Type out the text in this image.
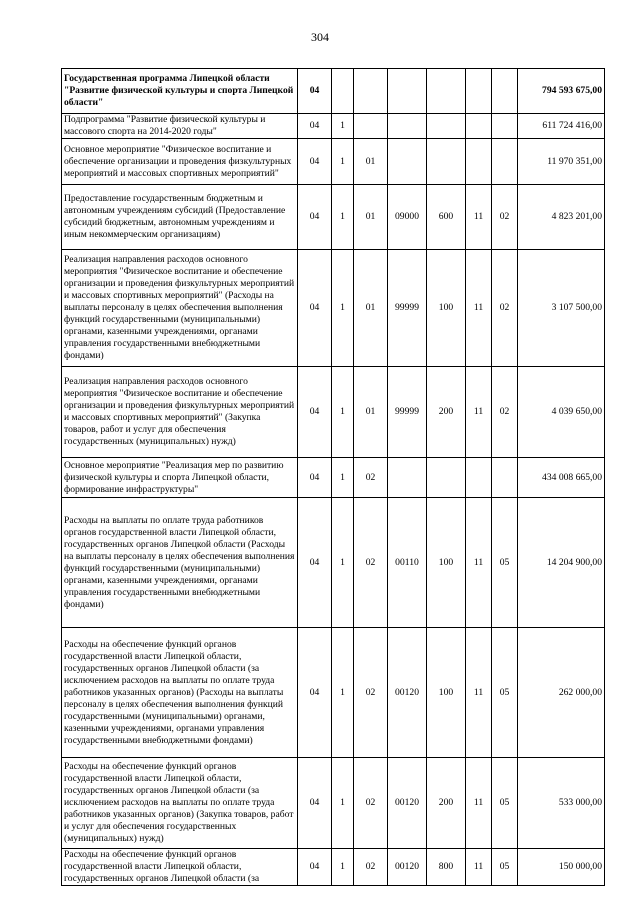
304
Государственная программа Липецкой области "Развитие физической культуры и спорта Липецкой области"	04							794 593 675,00
Подпрограмма "Развитие физической культуры и массового спорта на 2014-2020 годы"	04	1						611 724 416,00
Основное мероприятие "Физическое воспитание и обеспечение организации и проведения физкультурных мероприятий и массовых спортивных мероприятий"	04	1	01					11 970 351,00
Предоставление государственным бюджетным и автономным учреждениям субсидий (Предоставление субсидий бюджетным, автономным учреждениям и иным некоммерческим организациям)	04	1	01	09000	600	11	02	4 823 201,00
Реализация направления расходов основного мероприятия "Физическое воспитание и обеспечение организации и проведения физкультурных мероприятий и массовых спортивных мероприятий" (Расходы на выплаты персоналу в целях обеспечения выполнения функций государственными (муниципальными) органами, казенными учреждениями, органами управления государственными внебюджетными фондами)	04	1	01	99999	100	11	02	3 107 500,00
Реализация направления расходов основного мероприятия "Физическое воспитание и обеспечение организации и проведения физкультурных мероприятий и массовых спортивных мероприятий" (Закупка товаров, работ и услуг для обеспечения государственных (муниципальных) нужд)	04	1	01	99999	200	11	02	4 039 650,00
Основное мероприятие "Реализация мер по развитию физической культуры и спорта Липецкой области, формирование инфраструктуры"	04	1	02					434 008 665,00
Расходы на выплаты по оплате труда работников органов государственной власти Липецкой области, государственных органов Липецкой области (Расходы на выплаты персоналу в целях обеспечения выполнения функций государственными (муниципальными) органами, казенными учреждениями, органами управления государственными внебюджетными фондами)	04	1	02	00110	100	11	05	14 204 900,00
Расходы на обеспечение функций органов государственной власти Липецкой области, государственных органов Липецкой области (за исключением расходов на выплаты по оплате труда работников указанных органов) (Расходы на выплаты персоналу в целях обеспечения выполнения функций государственными (муниципальными) органами, казенными учреждениями, органами управления государственными внебюджетными фондами)	04	1	02	00120	100	11	05	262 000,00
Расходы на обеспечение функций органов государственной власти Липецкой области, государственных органов Липецкой области (за исключением расходов на выплаты по оплате труда работников указанных органов) (Закупка товаров, работ и услуг для обеспечения государственных (муниципальных) нужд)	04	1	02	00120	200	11	05	533 000,00
Расходы на обеспечение функций органов государственной власти Липецкой области, государственных органов Липецкой области (за	04	1	02	00120	800	11	05	150 000,00
